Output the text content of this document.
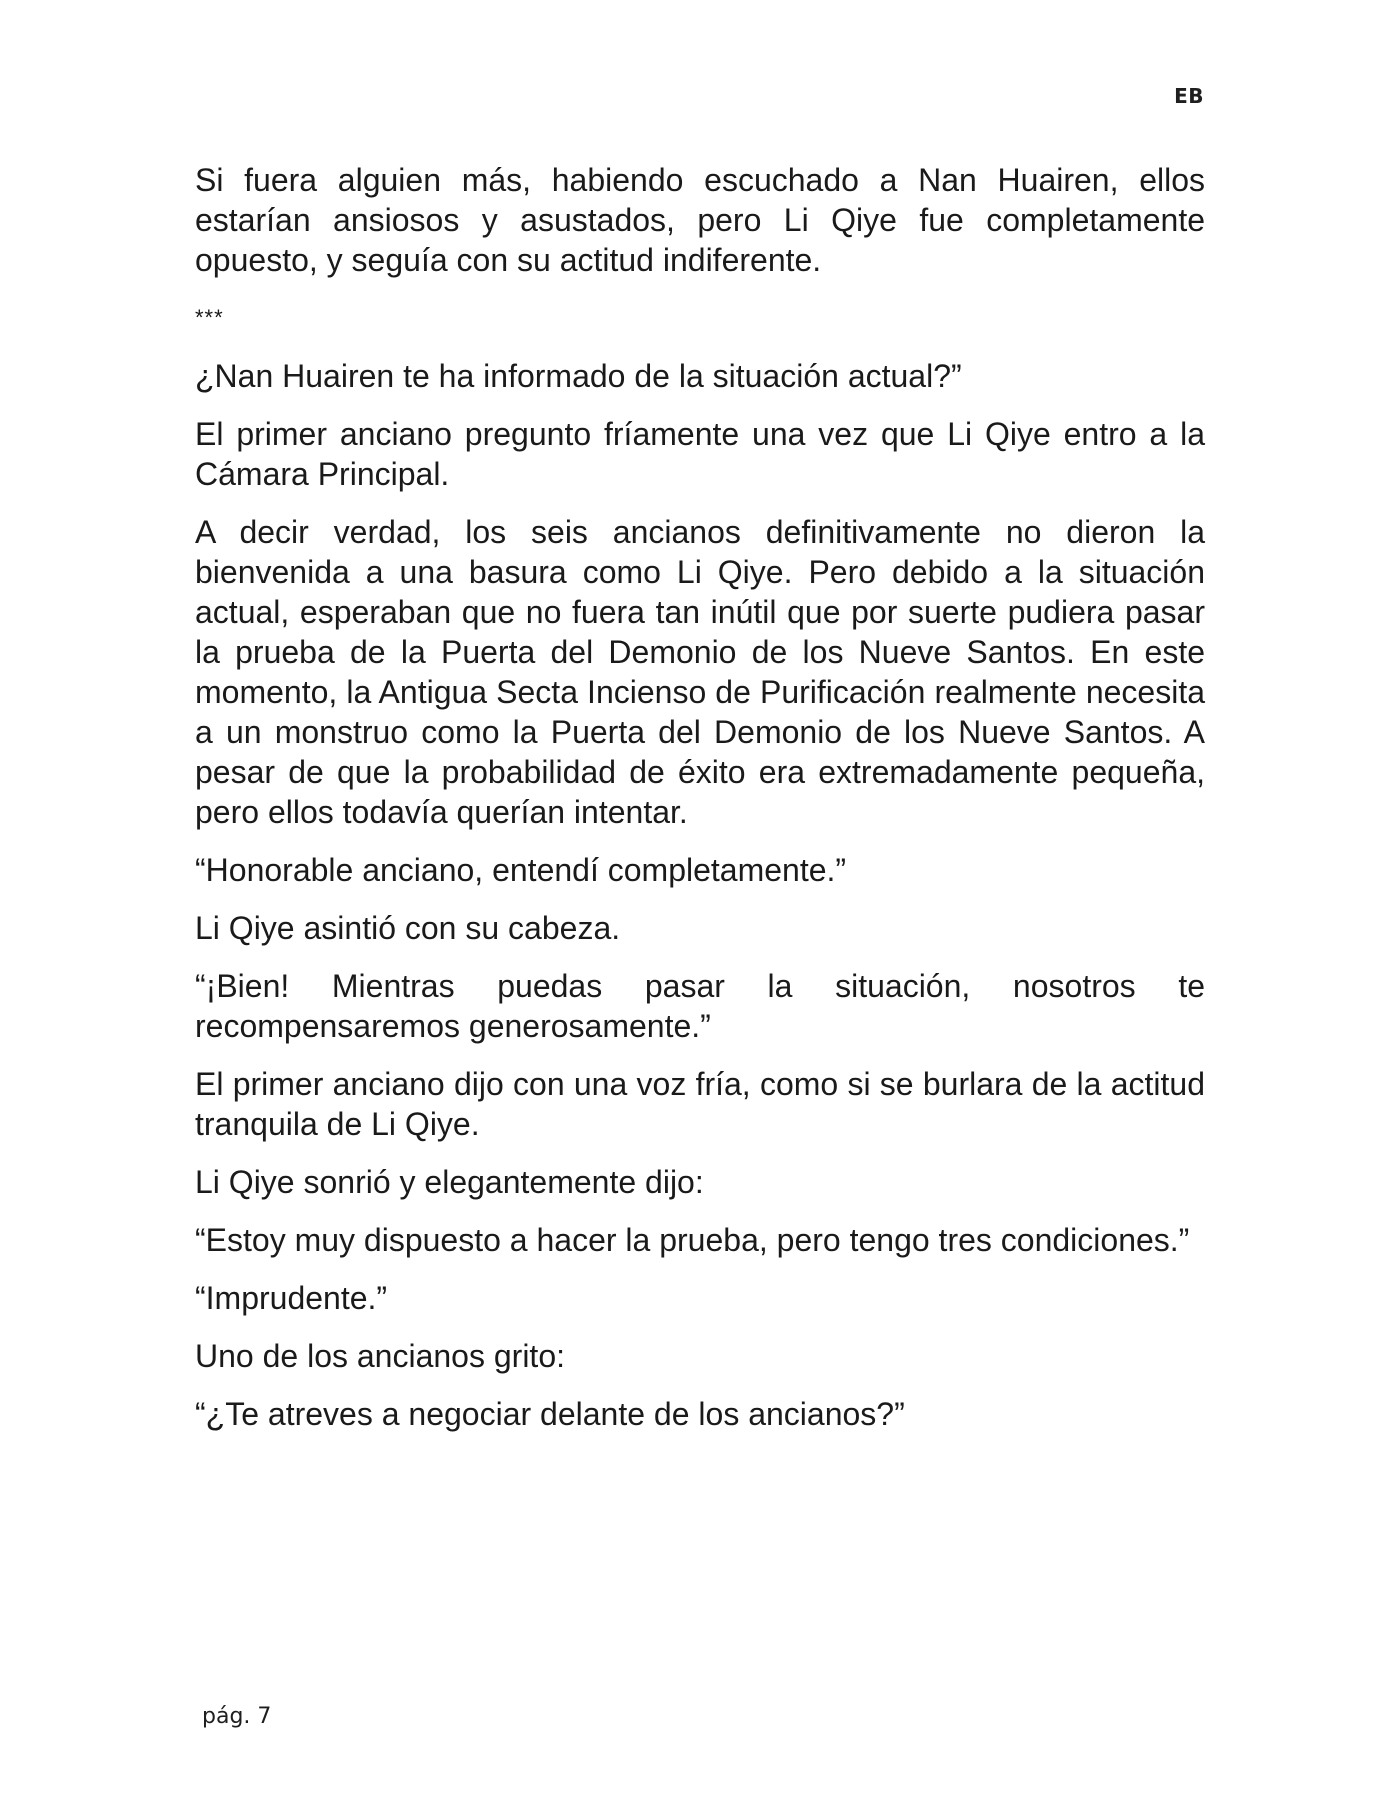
EB

Si fuera alguien más, habiendo escuchado a Nan Huairen, ellos estarían ansiosos y asustados, pero Li Qiye fue completamente opuesto, y seguía con su actitud indiferente.

***

¿Nan Huairen te ha informado de la situación actual?”

El primer anciano pregunto fríamente una vez que Li Qiye entro a la Cámara Principal.

A decir verdad, los seis ancianos definitivamente no dieron la bienvenida a una basura como Li Qiye. Pero debido a la situación actual, esperaban que no fuera tan inútil que por suerte pudiera pasar la prueba de la Puerta del Demonio de los Nueve Santos. En este momento, la Antigua Secta Incienso de Purificación realmente necesita a un monstruo como la Puerta del Demonio de los Nueve Santos. A pesar de que la probabilidad de éxito era extremadamente pequeña, pero ellos todavía querían intentar.

“Honorable anciano, entendí completamente.”

Li Qiye asintió con su cabeza.

“¡Bien! Mientras puedas pasar la situación, nosotros te recompensaremos generosamente.”

El primer anciano dijo con una voz fría, como si se burlara de la actitud tranquila de Li Qiye.

Li Qiye sonrió y elegantemente dijo:

“Estoy muy dispuesto a hacer la prueba, pero tengo tres condiciones.”

“Imprudente.”

Uno de los ancianos grito:

“¿Te atreves a negociar delante de los ancianos?”

pág. 7
